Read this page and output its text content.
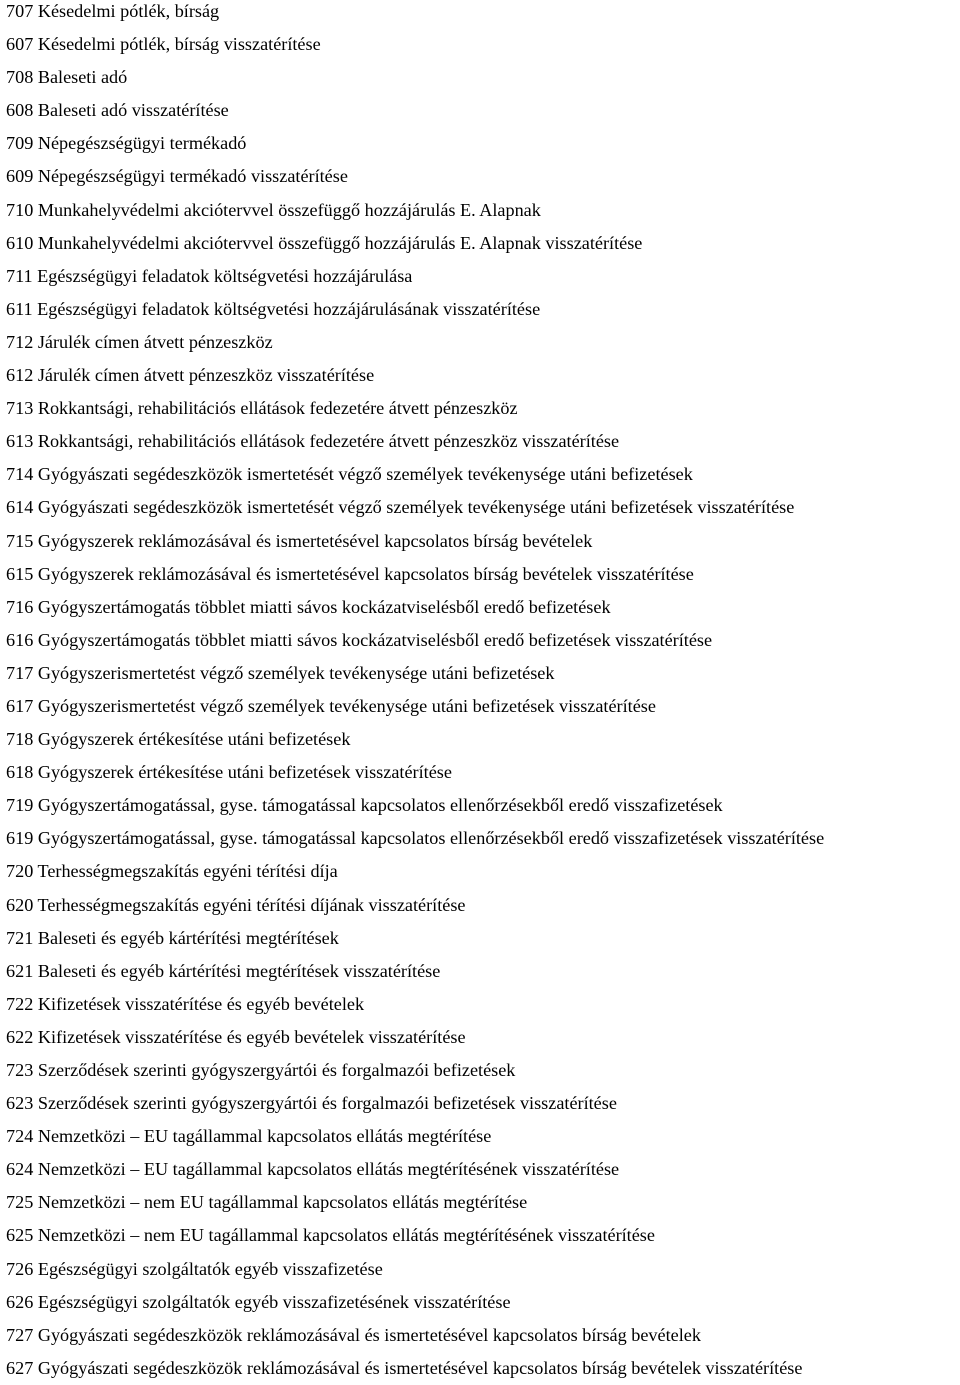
707 Késedelmi pótlék, bírság
607 Késedelmi pótlék, bírság visszatérítése
708 Baleseti adó
608 Baleseti adó visszatérítése
709 Népegészségügyi termékadó
609 Népegészségügyi termékadó visszatérítése
710 Munkahelyvédelmi akciótervvel összefüggő hozzájárulás E. Alapnak
610 Munkahelyvédelmi akciótervvel összefüggő hozzájárulás E. Alapnak visszatérítése
711 Egészségügyi feladatok költségvetési hozzájárulása
611 Egészségügyi feladatok költségvetési hozzájárulásának visszatérítése
712 Járulék címen átvett pénzeszköz
612 Járulék címen átvett pénzeszköz visszatérítése
713 Rokkantsági, rehabilitációs ellátások fedezetére átvett pénzeszköz
613 Rokkantsági, rehabilitációs ellátások fedezetére átvett pénzeszköz visszatérítése
714 Gyógyászati segédeszközök ismertetését végző személyek tevékenysége utáni befizetések
614 Gyógyászati segédeszközök ismertetését végző személyek tevékenysége utáni befizetések visszatérítése
715 Gyógyszerek reklámozásával és ismertetésével kapcsolatos bírság bevételek
615 Gyógyszerek reklámozásával és ismertetésével kapcsolatos bírság bevételek visszatérítése
716 Gyógyszertámogatás többlet miatti sávos kockázatviselésből eredő befizetések
616 Gyógyszertámogatás többlet miatti sávos kockázatviselésből eredő befizetések visszatérítése
717 Gyógyszerismertetést végző személyek tevékenysége utáni befizetések
617 Gyógyszerismertetést végző személyek tevékenysége utáni befizetések visszatérítése
718 Gyógyszerek értékesítése utáni befizetések
618 Gyógyszerek értékesítése utáni befizetések visszatérítése
719 Gyógyszertámogatással, gyse. támogatással kapcsolatos ellenőrzésekből eredő visszafizetések
619 Gyógyszertámogatással, gyse. támogatással kapcsolatos ellenőrzésekből eredő visszafizetések visszatérítése
720 Terhességmegszakítás egyéni térítési díja
620 Terhességmegszakítás egyéni térítési díjának visszatérítése
721 Baleseti és egyéb kártérítési megtérítések
621 Baleseti és egyéb kártérítési megtérítések visszatérítése
722 Kifizetések visszatérítése és egyéb bevételek
622 Kifizetések visszatérítése és egyéb bevételek visszatérítése
723 Szerződések szerinti gyógyszergyártói és forgalmazói befizetések
623 Szerződések szerinti gyógyszergyártói és forgalmazói befizetések visszatérítése
724 Nemzetközi – EU tagállammal kapcsolatos ellátás megtérítése
624 Nemzetközi – EU tagállammal kapcsolatos ellátás megtérítésének visszatérítése
725 Nemzetközi – nem EU tagállammal kapcsolatos ellátás megtérítése
625 Nemzetközi – nem EU tagállammal kapcsolatos ellátás megtérítésének visszatérítése
726 Egészségügyi szolgáltatók egyéb visszafizetése
626 Egészségügyi szolgáltatók egyéb visszafizetésének visszatérítése
727 Gyógyászati segédeszközök reklámozásával és ismertetésével kapcsolatos bírság bevételek
627 Gyógyászati segédeszközök reklámozásával és ismertetésével kapcsolatos bírság bevételek visszatérítése
